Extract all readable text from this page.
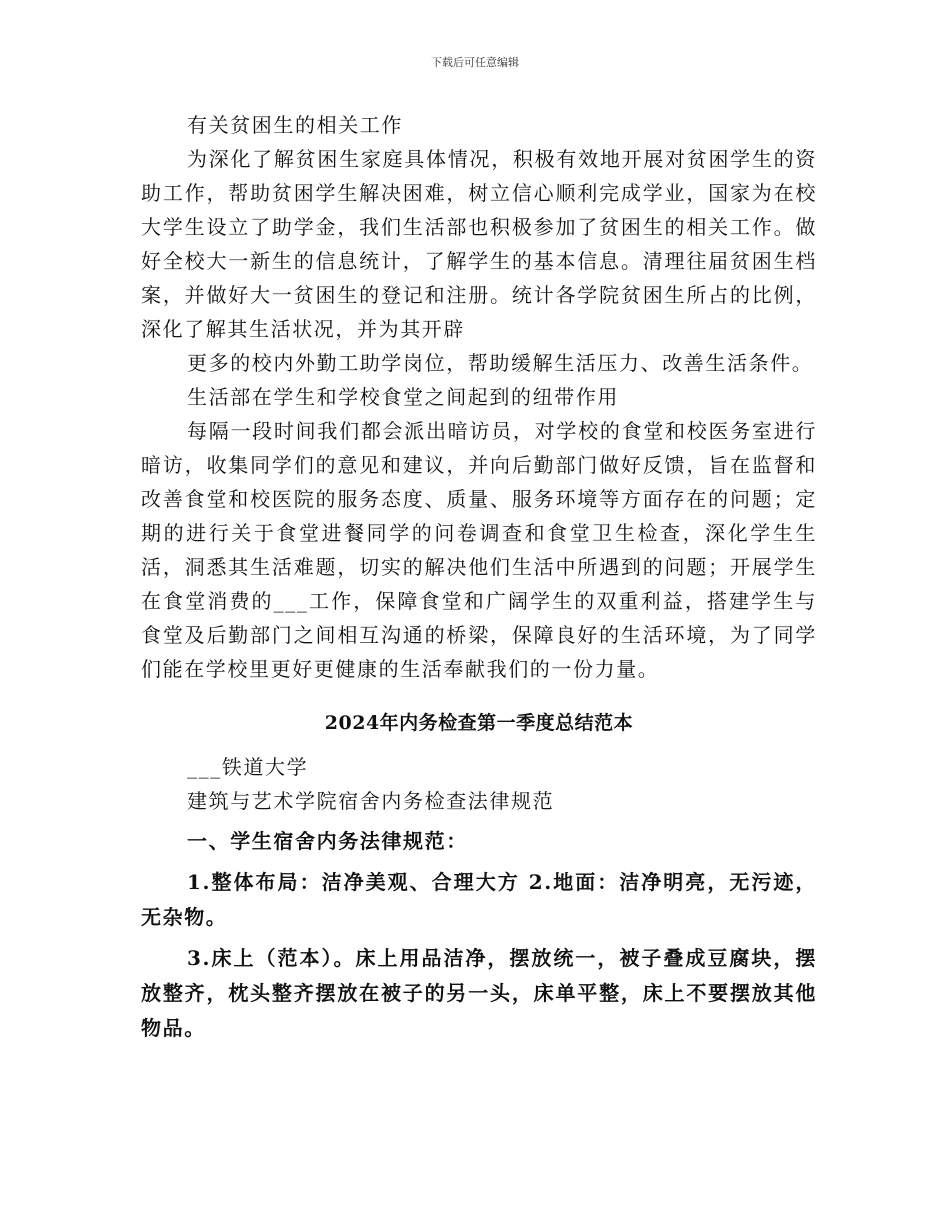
下载后可任意编辑

有关贫困生的相关工作

为深化了解贫困生家庭具体情况，积极有效地开展对贫困学生的资助工作，帮助贫困学生解决困难，树立信心顺利完成学业，国家为在校大学生设立了助学金，我们生活部也积极参加了贫困生的相关工作。做好全校大一新生的信息统计，了解学生的基本信息。清理往届贫困生档案，并做好大一贫困生的登记和注册。统计各学院贫困生所占的比例，深化了解其生活状况，并为其开辟

更多的校内外勤工助学岗位，帮助缓解生活压力、改善生活条件。

生活部在学生和学校食堂之间起到的纽带作用

每隔一段时间我们都会派出暗访员，对学校的食堂和校医务室进行暗访，收集同学们的意见和建议，并向后勤部门做好反馈，旨在监督和改善食堂和校医院的服务态度、质量、服务环境等方面存在的问题；定期的进行关于食堂进餐同学的问卷调查和食堂卫生检查，深化学生生活，洞悉其生活难题，切实的解决他们生活中所遇到的问题；开展学生在食堂消费的___工作，保障食堂和广阔学生的双重利益，搭建学生与食堂及后勤部门之间相互沟通的桥梁，保障良好的生活环境，为了同学们能在学校里更好更健康的生活奉献我们的一份力量。

2024年内务检查第一季度总结范本

___铁道大学

建筑与艺术学院宿舍内务检查法律规范

一、学生宿舍内务法律规范：

1.整体布局：洁净美观、合理大方 2.地面：洁净明亮，无污迹，无杂物。

3.床上（范本）。床上用品洁净，摆放统一，被子叠成豆腐块，摆放整齐，枕头整齐摆放在被子的另一头，床单平整，床上不要摆放其他物品。
